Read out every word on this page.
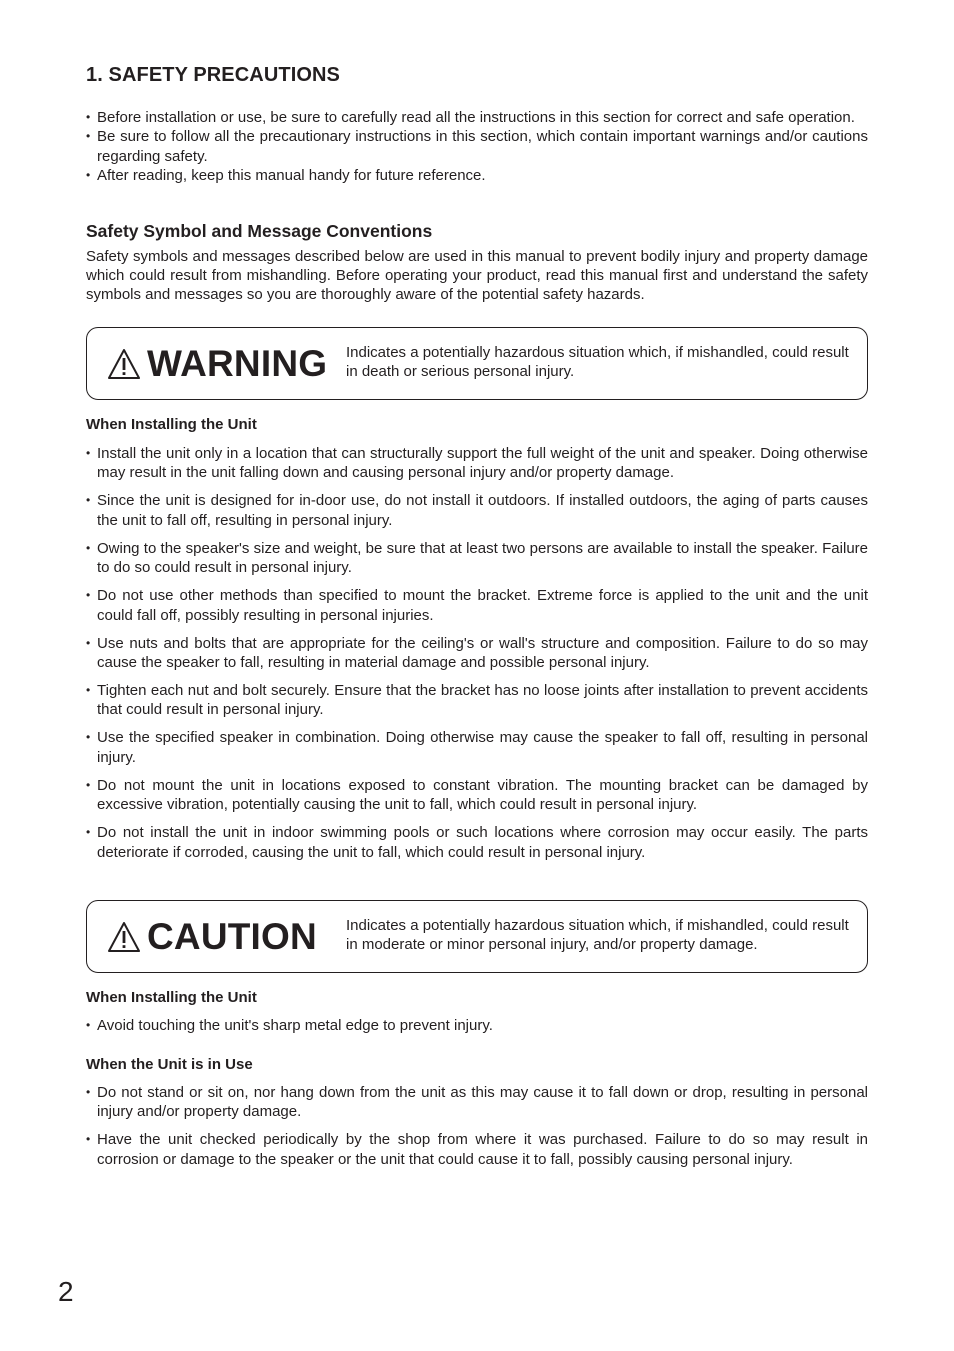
1. SAFETY PRECAUTIONS
• Before installation or use, be sure to carefully read all the instructions in this section for correct and safe operation.
• Be sure to follow all the precautionary instructions in this section, which contain important warnings and/or cautions regarding safety.
• After reading, keep this manual handy for future reference.
Safety Symbol and Message Conventions

Safety symbols and messages described below are used in this manual to prevent bodily injury and property damage which could result from mishandling. Before operating your product, read this manual first and understand the safety symbols and messages so you are thoroughly aware of the potential safety hazards.

WARNING Indicates a potentially hazardous situation which, if mishandled, could result in death or serious personal injury.
When Installing the Unit
• Install the unit only in a location that can structurally support the full weight of the unit and speaker. Doing otherwise may result in the unit falling down and causing personal injury and/or property damage.
• Since the unit is designed for in-door use, do not install it outdoors. If installed outdoors, the aging of parts causes the unit to fall off, resulting in personal injury.
• Owing to the speaker's size and weight, be sure that at least two persons are available to install the speaker. Failure to do so could result in personal injury.
• Do not use other methods than specified to mount the bracket. Extreme force is applied to the unit and the unit could fall off, possibly resulting in personal injuries.
• Use nuts and bolts that are appropriate for the ceiling's or wall's structure and composition. Failure to do so may cause the speaker to fall, resulting in material damage and possible personal injury.
• Tighten each nut and bolt securely. Ensure that the bracket has no loose joints after installation to prevent accidents that could result in personal injury.
• Use the specified speaker in combination. Doing otherwise may cause the speaker to fall off, resulting in personal injury.
• Do not mount the unit in locations exposed to constant vibration. The mounting bracket can be damaged by excessive vibration, potentially causing the unit to fall, which could result in personal injury.
• Do not install the unit in indoor swimming pools or such locations where corrosion may occur easily. The parts deteriorate if corroded, causing the unit to fall, which could result in personal injury.
CAUTION Indicates a potentially hazardous situation which, if mishandled, could result in moderate or minor personal injury, and/or property damage.
When Installing the Unit
• Avoid touching the unit's sharp metal edge to prevent injury.
When the Unit is in Use
• Do not stand or sit on, nor hang down from the unit as this may cause it to fall down or drop, resulting in personal injury and/or property damage.
• Have the unit checked periodically by the shop from where it was purchased. Failure to do so may result in corrosion or damage to the speaker or the unit that could cause it to fall, possibly causing personal injury.
2
